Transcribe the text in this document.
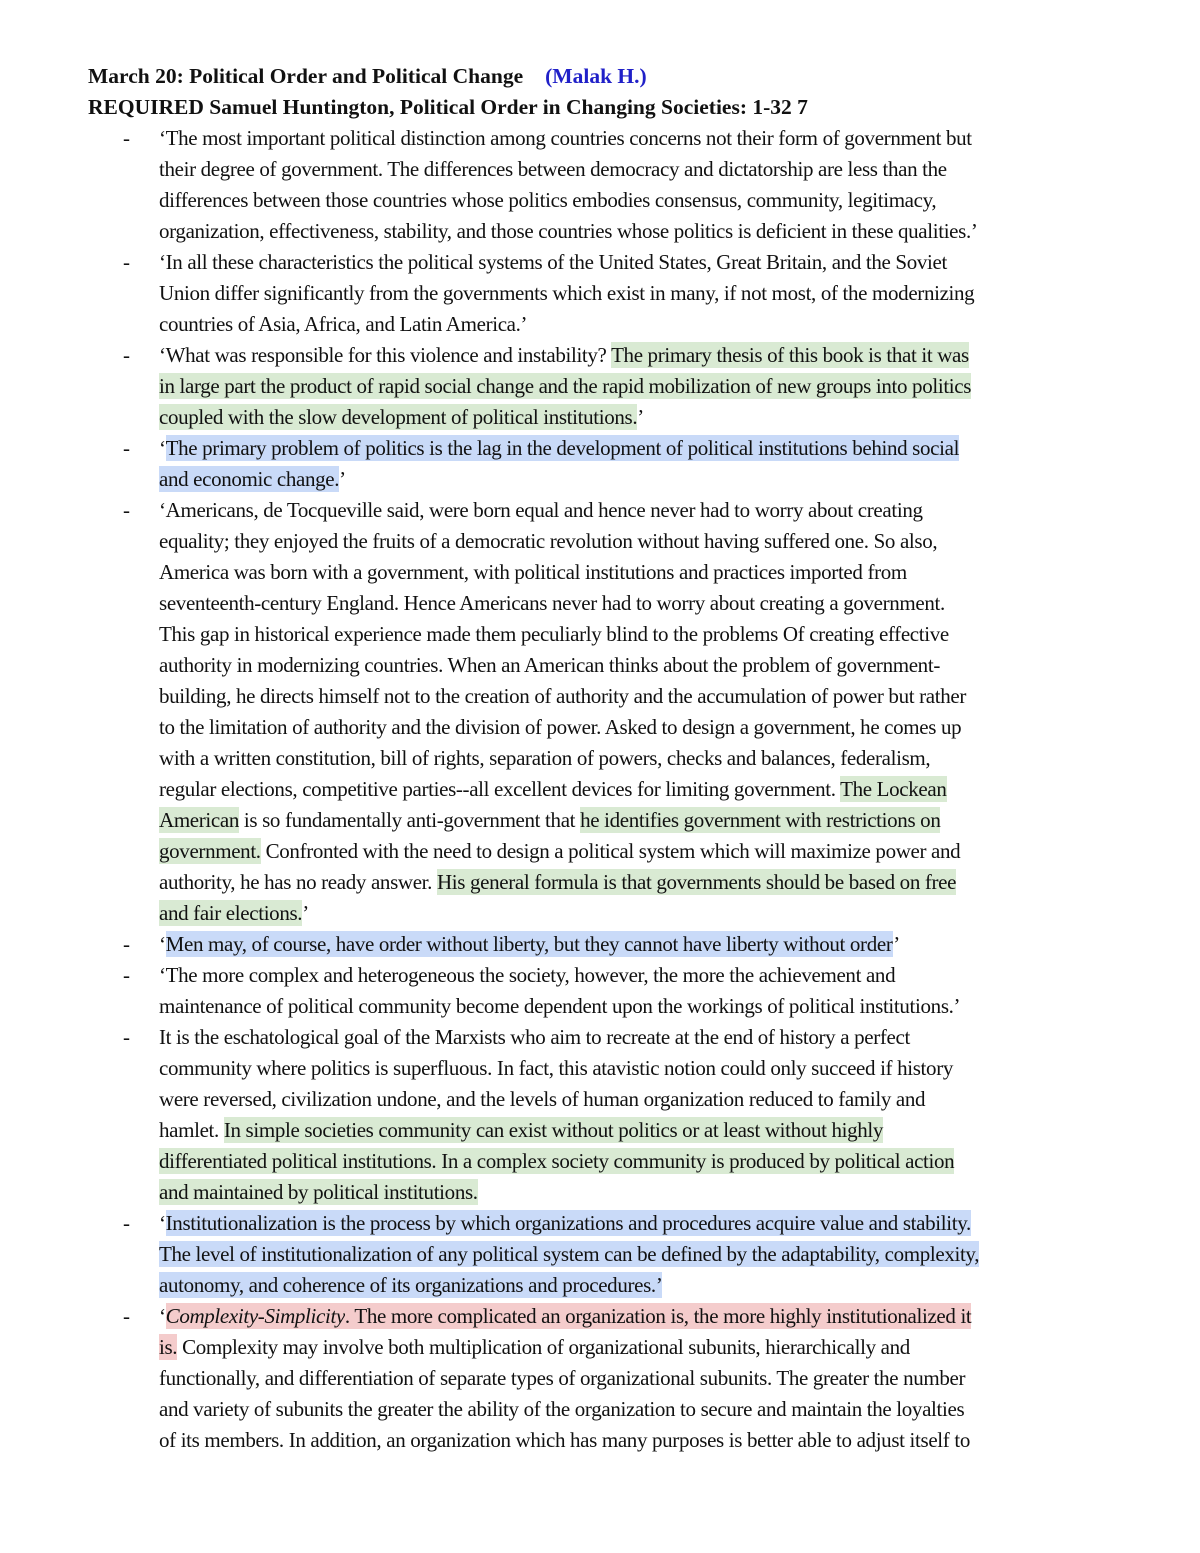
March 20: Political Order and Political Change (Malak H.)
REQUIRED Samuel Huntington, Political Order in Changing Societies: 1-32 7
- ‘The most important political distinction among countries concerns not their form of government but
their degree of government. The differences between democracy and dictatorship are less than the
differences between those countries whose politics embodies consensus, community, legitimacy,
organization, effectiveness, stability, and those countries whose politics is deficient in these qualities.’
- ‘In all these characteristics the political systems of the United States, Great Britain, and the Soviet
Union differ significantly from the governments which exist in many, if not most, of the modernizing
countries of Asia, Africa, and Latin America.’
- ‘What was responsible for this violence and instability? The primary thesis of this book is that it was
in large part the product of rapid social change and the rapid mobilization of new groups into politics
coupled with the slow development of political institutions.’
- ‘The primary problem of politics is the lag in the development of political institutions behind social
and economic change.’
- ‘Americans, de Tocqueville said, were born equal and hence never had to worry about creating
equality; they enjoyed the fruits of a democratic revolution without having suffered one. So also,
America was born with a government, with political institutions and practices imported from
seventeenth-century England. Hence Americans never had to worry about creating a government.
This gap in historical experience made them peculiarly blind to the problems Of creating effective
authority in modernizing countries. When an American thinks about the problem of government-
building, he directs himself not to the creation of authority and the accumulation of power but rather
to the limitation of authority and the division of power. Asked to design a government, he comes up
with a written constitution, bill of rights, separation of powers, checks and balances, federalism,
regular elections, competitive parties--all excellent devices for limiting government. The Lockean
American is so fundamentally anti-government that he identifies government with restrictions on
government. Confronted with the need to design a political system which will maximize power and
authority, he has no ready answer. His general formula is that governments should be based on free
and fair elections.’
- ‘Men may, of course, have order without liberty, but they cannot have liberty without order’
- ‘The more complex and heterogeneous the society, however, the more the achievement and
maintenance of political community become dependent upon the workings of political institutions.’
- It is the eschatological goal of the Marxists who aim to recreate at the end of history a perfect
community where politics is superfluous. In fact, this atavistic notion could only succeed if history
were reversed, civilization undone, and the levels of human organization reduced to family and
hamlet. In simple societies community can exist without politics or at least without highly
differentiated political institutions. In a complex society community is produced by political action
and maintained by political institutions.
- ‘Institutionalization is the process by which organizations and procedures acquire value and stability.
The level of institutionalization of any political system can be defined by the adaptability, complexity,
autonomy, and coherence of its organizations and procedures.’
- ‘Complexity-Simplicity. The more complicated an organization is, the more highly institutionalized it
is. Complexity may involve both multiplication of organizational subunits, hierarchically and
functionally, and differentiation of separate types of organizational subunits. The greater the number
and variety of subunits the greater the ability of the organization to secure and maintain the loyalties
of its members. In addition, an organization which has many purposes is better able to adjust itself to
